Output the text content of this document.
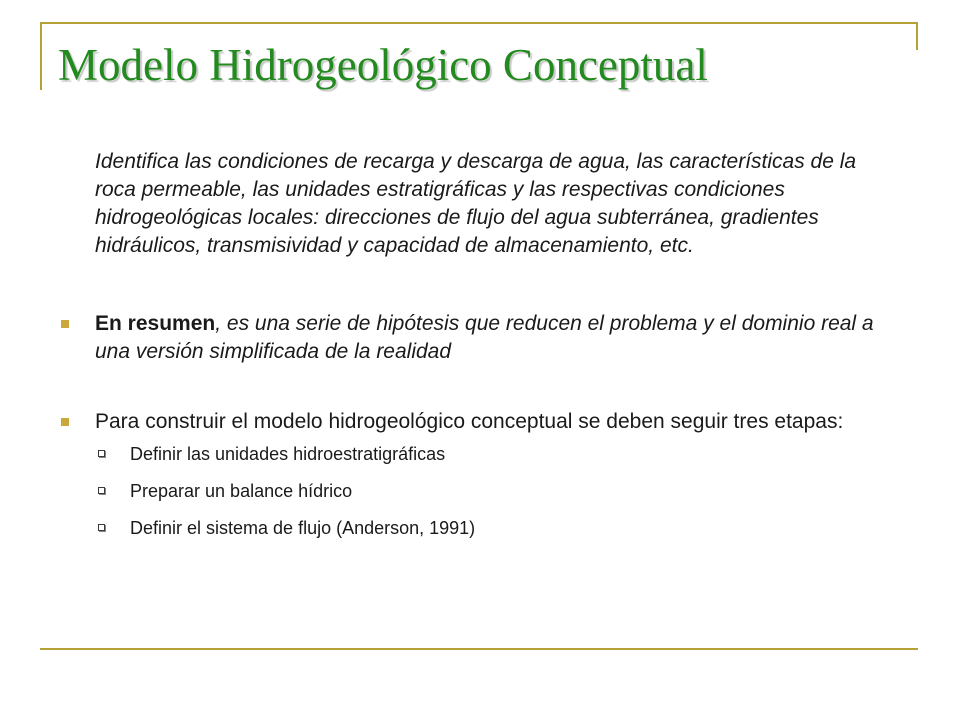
Modelo Hidrogeológico Conceptual

Identifica las condiciones de recarga y descarga de agua, las características de la roca permeable, las unidades estratigráficas y las respectivas condiciones hidrogeológicas locales: direcciones de flujo del agua subterránea, gradientes hidráulicos, transmisividad y capacidad de almacenamiento, etc.

En resumen, es una serie de hipótesis que reducen el problema y el dominio real a una versión simplificada de la realidad
Para construir el modelo hidrogeológico conceptual se deben seguir tres etapas:
Definir las unidades hidroestratigráficas
Preparar un balance hídrico
Definir el sistema de flujo (Anderson, 1991)
